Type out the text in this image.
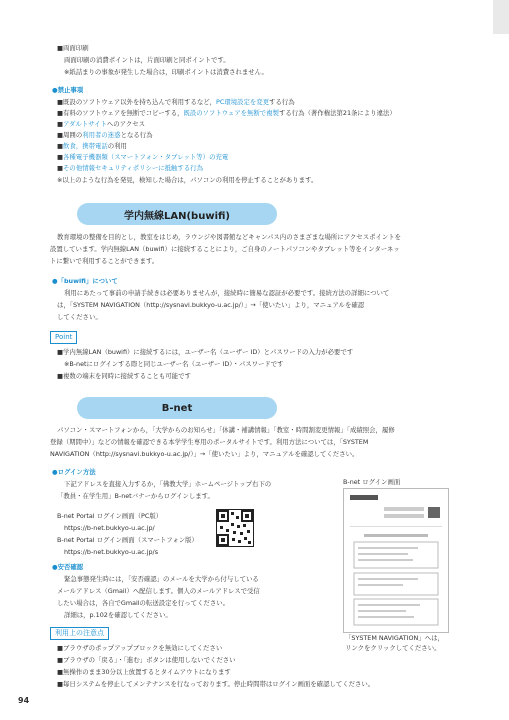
■両面印刷
両面印刷の消費ポイントは，片面印刷と同ポイントです。
※紙詰まりの事象が発生した場合は，印刷ポイントは消費されません。
●禁止事項
■既設のソフトウェア以外を持ち込んで利用するなど，PC環境設定を変更する行為
■有料のソフトウェアを無断でコピーする，既設のソフトウェアを無断で複製する行為（著作権法第21条により違法）
■アダルトサイトへのアクセス
■周囲の利用者の迷惑となる行為
■飲食，携帯電話の利用
■各種電子機器類（スマートフォン・タブレット等）の充電
■その他情報セキュリティポリシーに抵触する行為
※以上のような行為を発見，検知した場合は，パソコンの利用を停止することがあります。
学内無線LAN(buwifi)
教育環境の整備を目的とし，教室をはじめ，ラウンジや図書館などキャンパス内のさまざまな場所にアクセスポイントを
設置しています。学内無線LAN（buwifi）に接続することにより，ご自身のノートパソコンやタブレット等をインターネッ
トに繋いで利用することができます。
●「buwifi」について
利用にあたって事前の申請手続きは必要ありませんが，接続時に簡易な認証が必要です。接続方法の詳細について
は，「SYSTEM NAVIGATION（http://sysnavi.bukkyo-u.ac.jp/）」→「使いたい」より，マニュアルを確認
してください。
Point
■学内無線LAN（buwifi）に接続するには，ユーザー名（ユーザー ID）とパスワードの入力が必要です
※B-netにログインする際と同じユーザー名（ユーザー ID）・パスワードです
■複数の端末を同時に接続することも可能です
B-net
パソコン・スマートフォンから，「大学からのお知らせ」「休講・補講情報」「教室・時間割変更情報」「成績照会，履修
登録（期間中）」などの情報を確認できる本学学生専用のポータルサイトです。利用方法については，「SYSTEM
NAVIGATION（http://sysnavi.bukkyo-u.ac.jp/）」→「使いたい」より，マニュアルを確認してください。
●ログイン方法
下記アドレスを直接入力するか，「佛教大学」ホームページトップ右下の
「教員・在学生用」B-netバナーからログインします。
B-net ログイン画面
B-net Portal ログイン画面（PC版）
https://b-net.bukkyo-u.ac.jp/
B-net Portal ログイン画面（スマートフォン版）
https://b-net.bukkyo-u.ac.jp/s
●安否確認
緊急事態発生時には，「安否確認」のメールを大学から付与している
メールアドレス（Gmail）へ配信します。個人のメールアドレスで受信
したい場合は，各自でGmailの転送設定を行ってください。
詳細は，p.102を確認してください。
「SYSTEM NAVIGATION」へは，
リンクをクリックしてください。
利用上の注意点
■ブラウザのポップアップブロックを無効にしてください
■ブラウザの「戻る」・「進む」ボタンは使用しないでください
■無操作のまま30分以上放置するとタイムアウトになります
■毎日システムを停止してメンテナンスを行なっております。停止時間帯はログイン画面を確認してください。
94
